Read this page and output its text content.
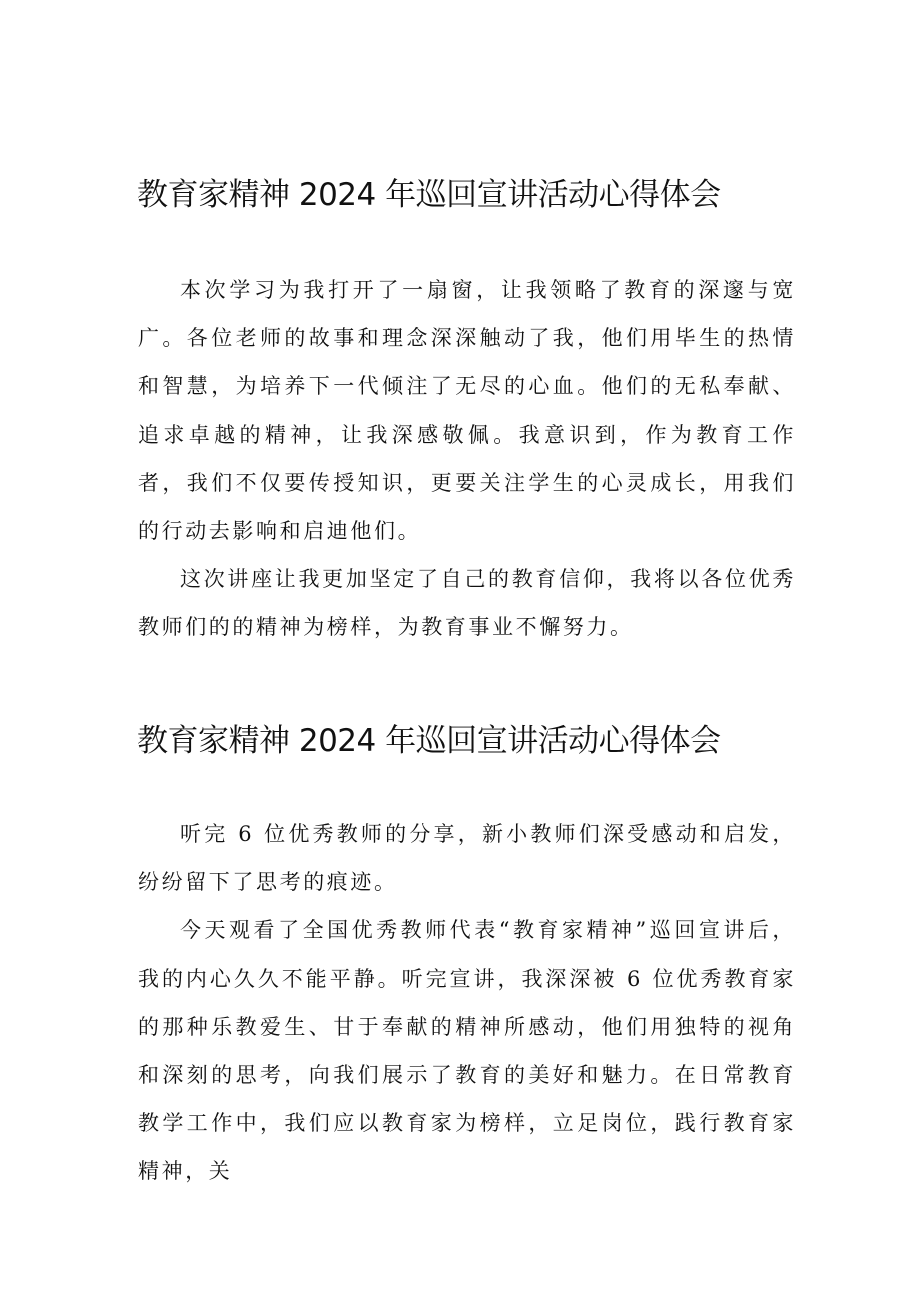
教育家精神 2024 年巡回宣讲活动心得体会

本次学习为我打开了一扇窗，让我领略了教育的深邃与宽广。各位老师的故事和理念深深触动了我，他们用毕生的热情和智慧，为培养下一代倾注了无尽的心血。他们的无私奉献、追求卓越的精神，让我深感敬佩。我意识到，作为教育工作者，我们不仅要传授知识，更要关注学生的心灵成长，用我们的行动去影响和启迪他们。

这次讲座让我更加坚定了自己的教育信仰，我将以各位优秀教师们的的精神为榜样，为教育事业不懈努力。

教育家精神 2024 年巡回宣讲活动心得体会

听完 6 位优秀教师的分享，新小教师们深受感动和启发，纷纷留下了思考的痕迹。

今天观看了全国优秀教师代表“教育家精神”巡回宣讲后，我的内心久久不能平静。听完宣讲，我深深被 6 位优秀教育家的那种乐教爱生、甘于奉献的精神所感动，他们用独特的视角和深刻的思考，向我们展示了教育的美好和魅力。在日常教育教学工作中，我们应以教育家为榜样，立足岗位，践行教育家精神，关
